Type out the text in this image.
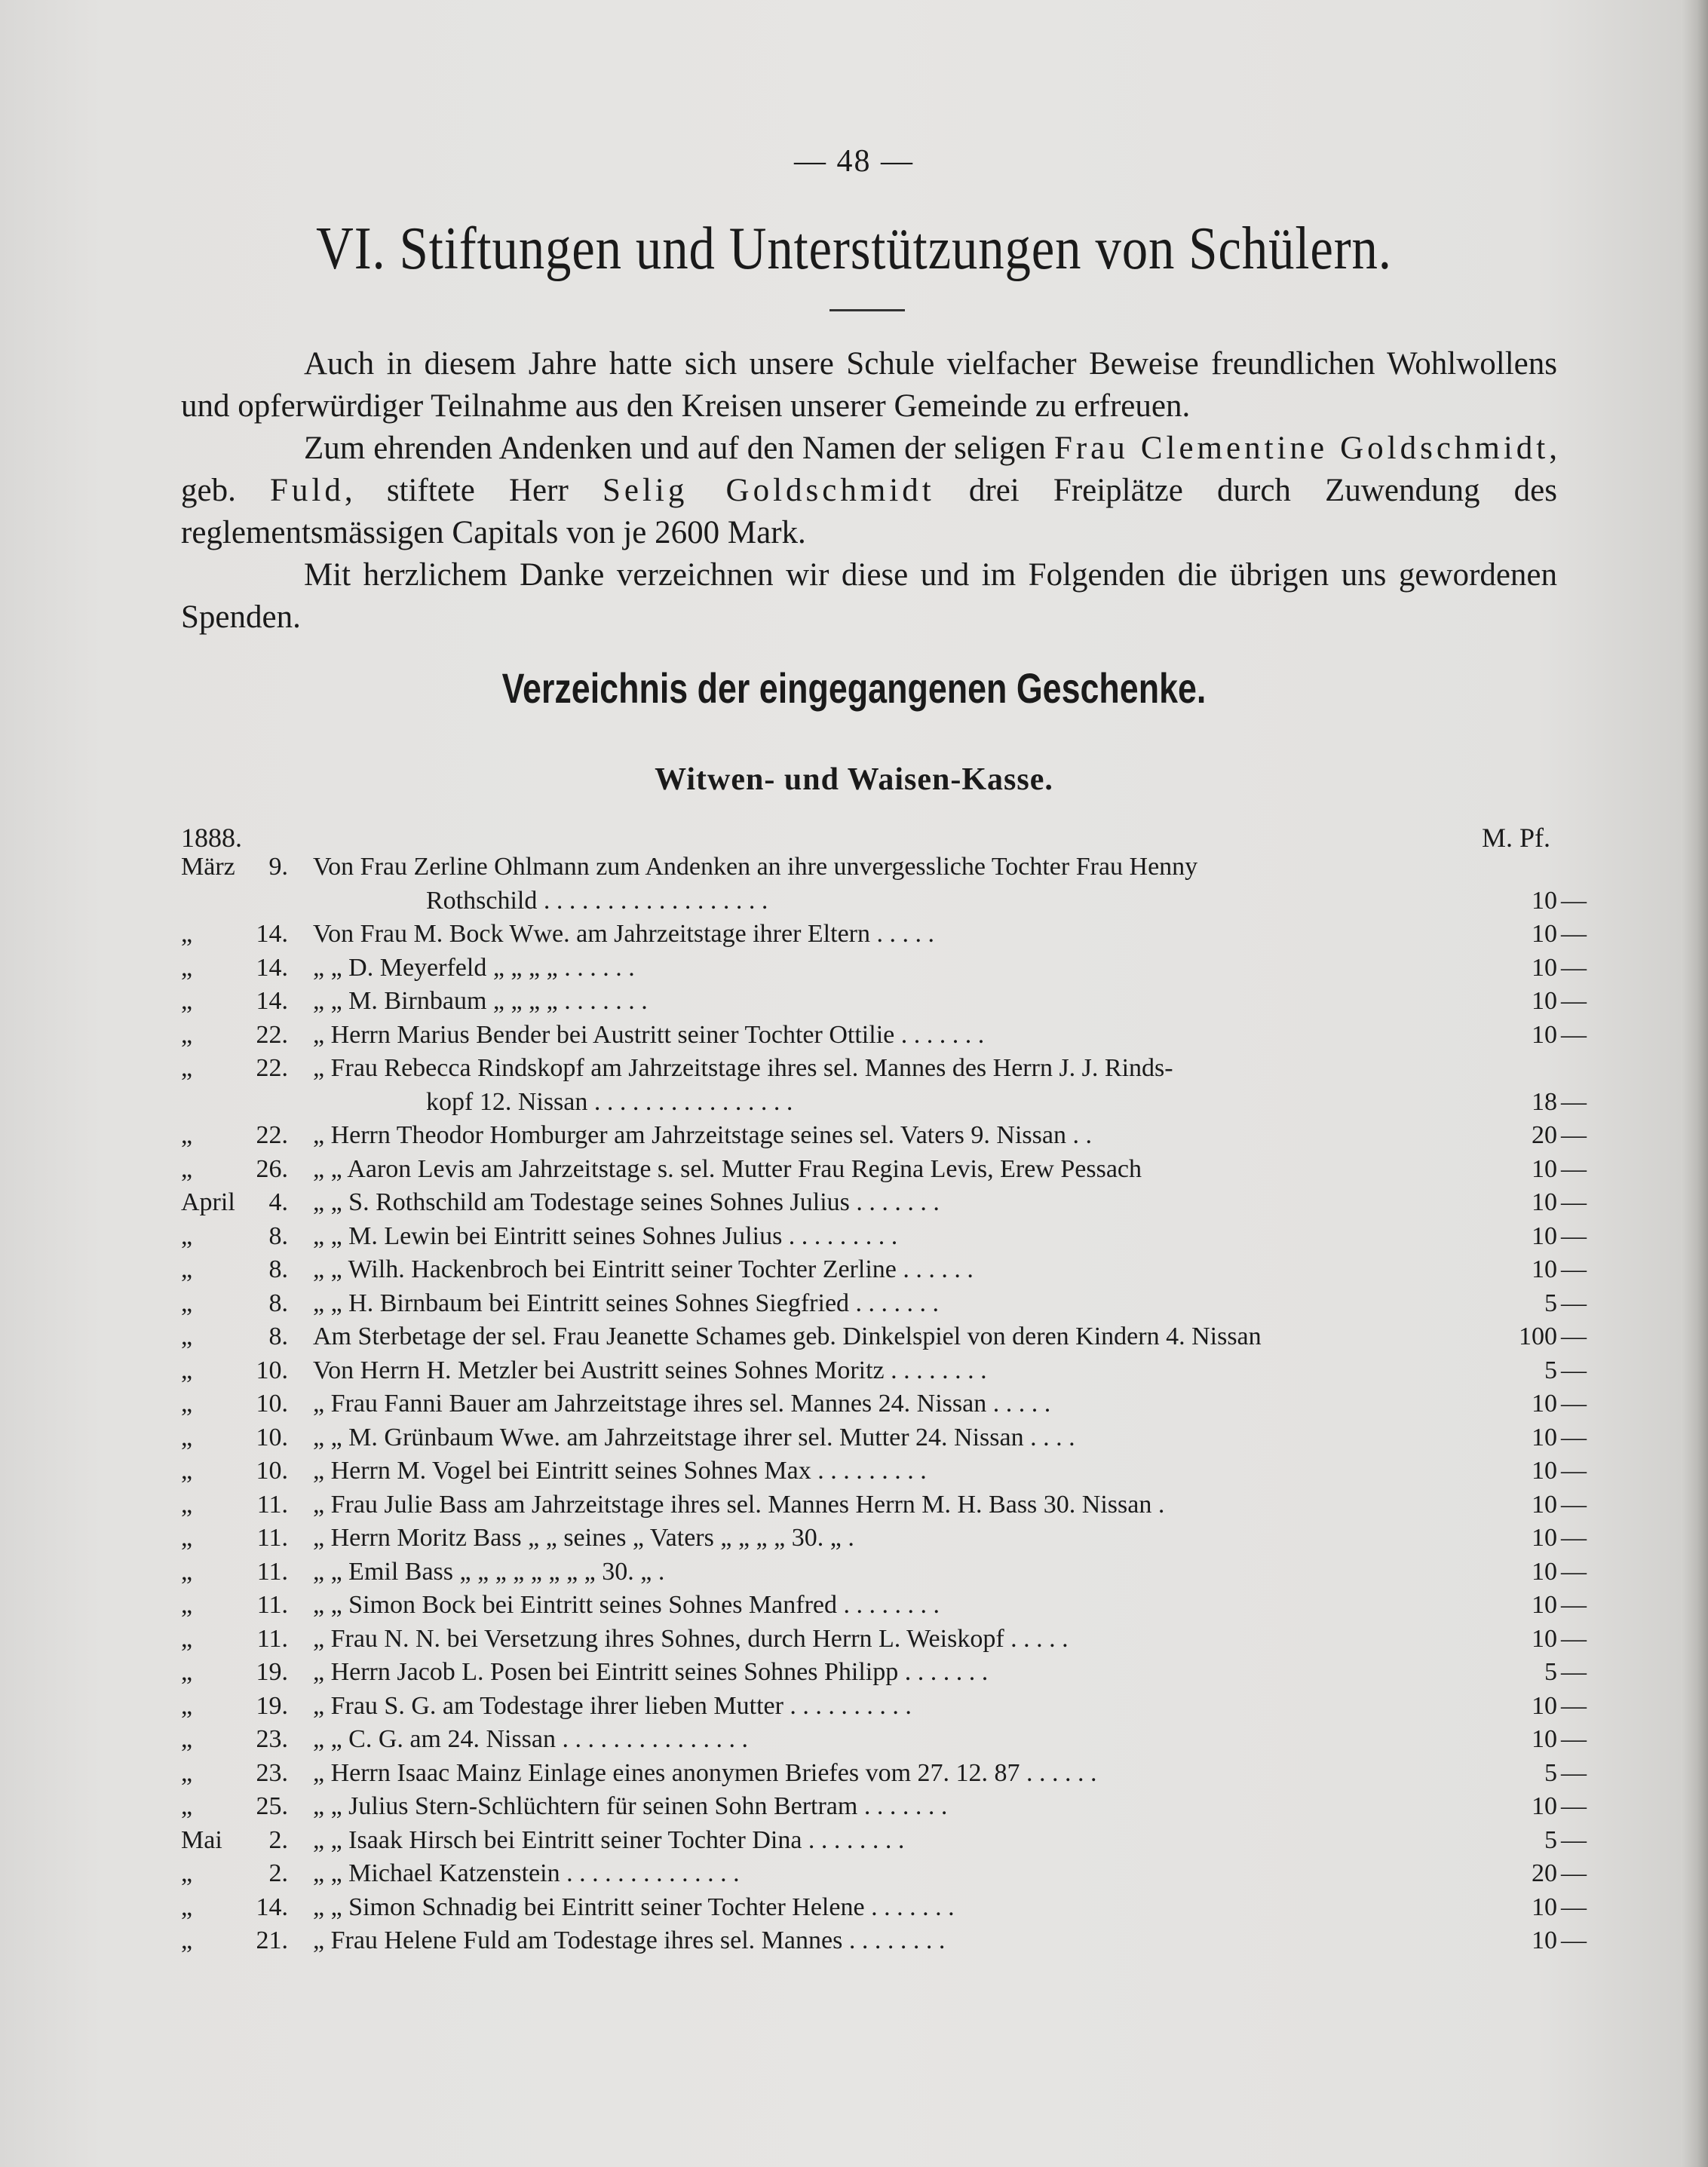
— 48 —
VI. Stiftungen und Unterstützungen von Schülern.

Auch in diesem Jahre hatte sich unsere Schule vielfacher Beweise freundlichen Wohlwollens und opferwürdiger Teilnahme aus den Kreisen unserer Gemeinde zu erfreuen.

Zum ehrenden Andenken und auf den Namen der seligen Frau Clementine Goldschmidt, geb. Fuld, stiftete Herr Selig Goldschmidt drei Freiplätze durch Zuwendung des reglementsmässigen Capitals von je 2600 Mark.

Mit herzlichem Danke verzeichnen wir diese und im Folgenden die übrigen uns gewordenen Spenden.

Verzeichnis der eingegangenen Geschenke.
Witwen- und Waisen-Kasse.
1888.	M. Pf.
März	9. Von Frau Zerline Ohlmann zum Andenken an ihre unvergessliche Tochter Frau Henny
Rothschild . . . . . . . . . . . . . . . . . .	10 —
„ 14. Von Frau M. Bock Wwe. am Jahrzeitstage ihrer Eltern . . . . .	10 —
„ 14. „ „ D. Meyerfeld „ „ „ „ . . . . . .	10 —
„ 14. „ „ M. Birnbaum „ „ „ „ . . . . . . .	10 —
„ 22. „ Herrn Marius Bender bei Austritt seiner Tochter Ottilie . . . . . . .	10 —
„ 22. „ Frau Rebecca Rindskopf am Jahrzeitstage ihres sel. Mannes des Herrn J. J. Rinds-
kopf 12. Nissan . . . . . . . . . . . . . . . .	18 —
„ 22. „ Herrn Theodor Homburger am Jahrzeitstage seines sel. Vaters 9. Nissan . .	20 —
„ 26. „ „ Aaron Levis am Jahrzeitstage s. sel. Mutter Frau Regina Levis, Erew Pessach	10 —
April	4. „ „ S. Rothschild am Todestage seines Sohnes Julius . . . . . . .	10 —
„	8. „ „ M. Lewin bei Eintritt seines Sohnes Julius . . . . . . . . .	10 —
„	8. „ „ Wilh. Hackenbroch bei Eintritt seiner Tochter Zerline . . . . . .	10 —
„	8. „ „ H. Birnbaum bei Eintritt seines Sohnes Siegfried . . . . . . .	5 —
„	8. Am Sterbetage der sel. Frau Jeanette Schames geb. Dinkelspiel von deren Kindern 4. Nissan	100 —
„ 10. Von Herrn H. Metzler bei Austritt seines Sohnes Moritz . . . . . . . .	5 —
„ 10. „ Frau Fanni Bauer am Jahrzeitstage ihres sel. Mannes 24. Nissan . . . . .	10 —
„ 10. „ „ M. Grünbaum Wwe. am Jahrzeitstage ihrer sel. Mutter 24. Nissan . . . .	10 —
„ 10. „ Herrn M. Vogel bei Eintritt seines Sohnes Max . . . . . . . . .	10 —
„	11. „ Frau Julie Bass am Jahrzeitstage ihres sel. Mannes Herrn M. H. Bass 30. Nissan .	10 —
„	11. „ Herrn Moritz Bass „ „ seines „ Vaters „ „ „ „ 30. „ .	10 —
„	11. „ „ Emil Bass „ „ „ „ „ „ „ „ 30. „ .	10 —
„	11. „ „ Simon Bock bei Eintritt seines Sohnes Manfred . . . . . . . .	10 —
„	11. „ Frau N. N. bei Versetzung ihres Sohnes, durch Herrn L. Weiskopf . . . . .	10 —
„ 19. „ Herrn Jacob L. Posen bei Eintritt seines Sohnes Philipp . . . . . . .	5 —
„ 19. „ Frau S. G. am Todestage ihrer lieben Mutter . . . . . . . . . .	10 —
„ 23. „ „ C. G. am 24. Nissan . . . . . . . . . . . . . . .	10 —
„ 23. „ Herrn Isaac Mainz Einlage eines anonymen Briefes vom 27. 12. 87 . . . . . .	5 —
„ 25. „ „ Julius Stern-Schlüchtern für seinen Sohn Bertram . . . . . . .	10 —
Mai	2. „ „ Isaak Hirsch bei Eintritt seiner Tochter Dina . . . . . . . .	5 —
„	2. „ „ Michael Katzenstein . . . . . . . . . . . . . .	20 —
„ 14. „ „ Simon Schnadig bei Eintritt seiner Tochter Helene . . . . . . .	10 —
„ 21. „ Frau Helene Fuld am Todestage ihres sel. Mannes . . . . . . . .	10 —
